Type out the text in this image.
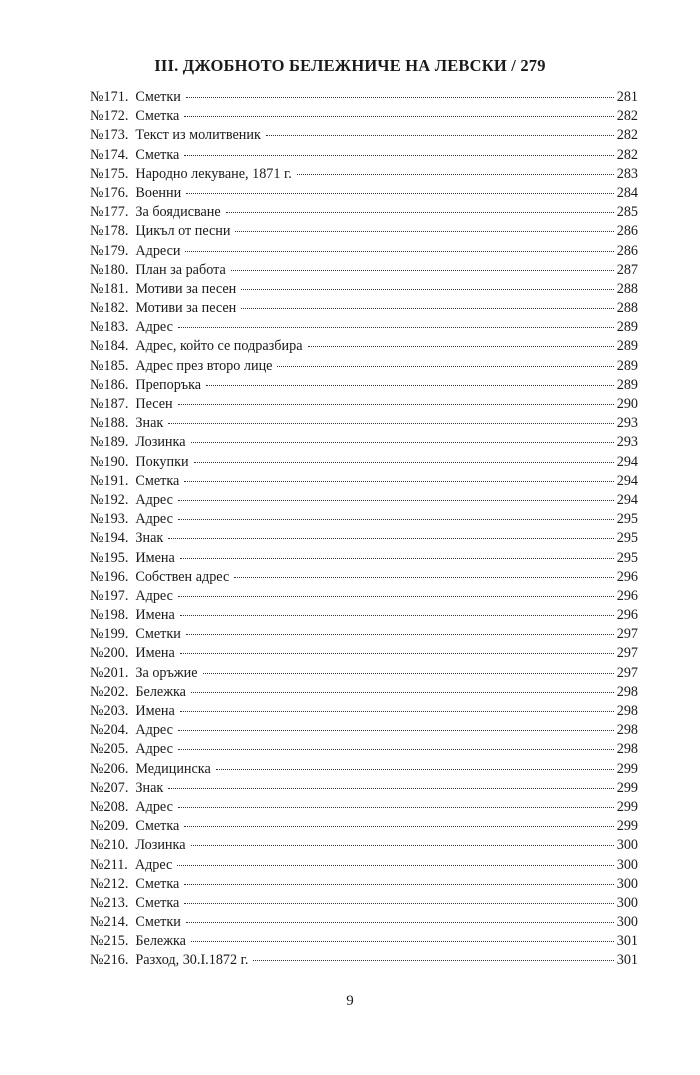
III. ДЖОБНОТО БЕЛЕЖНИЧЕ НА ЛЕВСКИ / 279
№171. Сметки	281
№172. Сметка	282
№173. Текст из молитвеник	282
№174. Сметка	282
№175. Народно лекуване, 1871 г.	283
№176. Военни	284
№177. За боядисване	285
№178. Цикъл от песни	286
№179. Адреси	286
№180. План за работа	287
№181. Мотиви за песен	288
№182. Мотиви за песен	288
№183. Адрес	289
№184. Адрес, който се подразбира	289
№185. Адрес през второ лице	289
№186. Препоръка	289
№187. Песен	290
№188. Знак	293
№189. Лозинка	293
№190. Покупки	294
№191. Сметка	294
№192. Адрес	294
№193. Адрес	295
№194. Знак	295
№195. Имена	295
№196. Собствен адрес	296
№197. Адрес	296
№198. Имена	296
№199. Сметки	297
№200. Имена	297
№201. За оръжие	297
№202. Бележка	298
№203. Имена	298
№204. Адрес	298
№205. Адрес	298
№206. Медицинска	299
№207. Знак	299
№208. Адрес	299
№209. Сметка	299
№210. Лозинка	300
№211. Адрес	300
№212. Сметка	300
№213. Сметка	300
№214. Сметки	300
№215. Бележка	301
№216. Разход, 30.I.1872 г.	301
9
